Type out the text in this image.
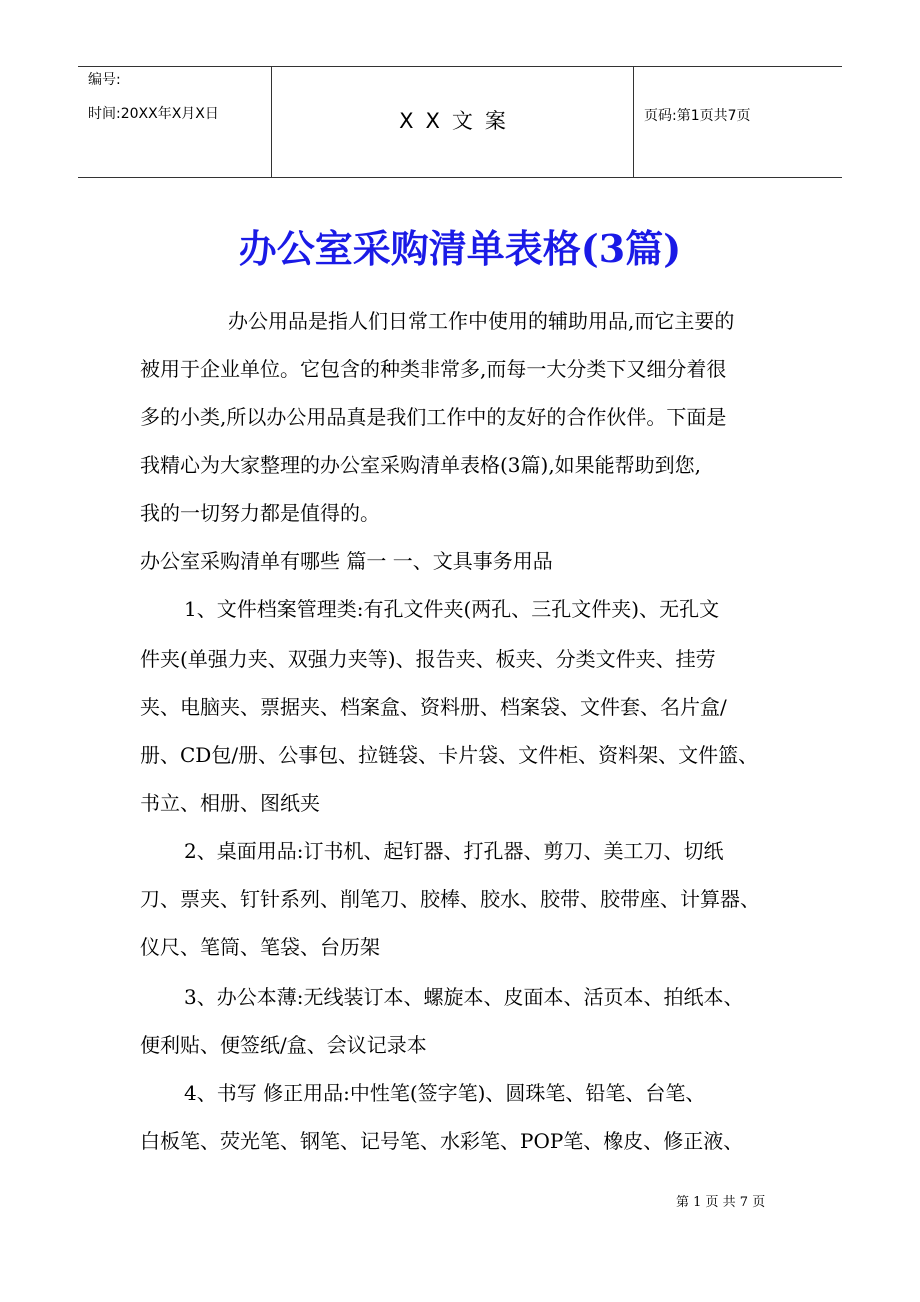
编号:
时间:20XX年X月X日	XX文案	页码:第1页共7页
办公室采购清单表格(3篇)
办公用品是指人们日常工作中使用的辅助用品,而它主要的
被用于企业单位。它包含的种类非常多,而每一大分类下又细分着很
多的小类,所以办公用品真是我们工作中的友好的合作伙伴。下面是
我精心为大家整理的办公室采购清单表格(3篇),如果能帮助到您,
我的一切努力都是值得的。
办公室采购清单有哪些 篇一 一、文具事务用品
1、文件档案管理类:有孔文件夹(两孔、三孔文件夹)、无孔文
件夹(单强力夹、双强力夹等)、报告夹、板夹、分类文件夹、挂劳
夹、电脑夹、票据夹、档案盒、资料册、档案袋、文件套、名片盒/
册、CD包/册、公事包、拉链袋、卡片袋、文件柜、资料架、文件篮、
书立、相册、图纸夹
2、桌面用品:订书机、起钉器、打孔器、剪刀、美工刀、切纸
刀、票夹、钉针系列、削笔刀、胶棒、胶水、胶带、胶带座、计算器、
仪尺、笔筒、笔袋、台历架
3、办公本薄:无线装订本、螺旋本、皮面本、活页本、拍纸本、
便利贴、便签纸/盒、会议记录本
4、书写 修正用品:中性笔(签字笔)、圆珠笔、铅笔、台笔、
白板笔、荧光笔、钢笔、记号笔、水彩笔、POP笔、橡皮、修正液、
第 1 页 共 7 页
